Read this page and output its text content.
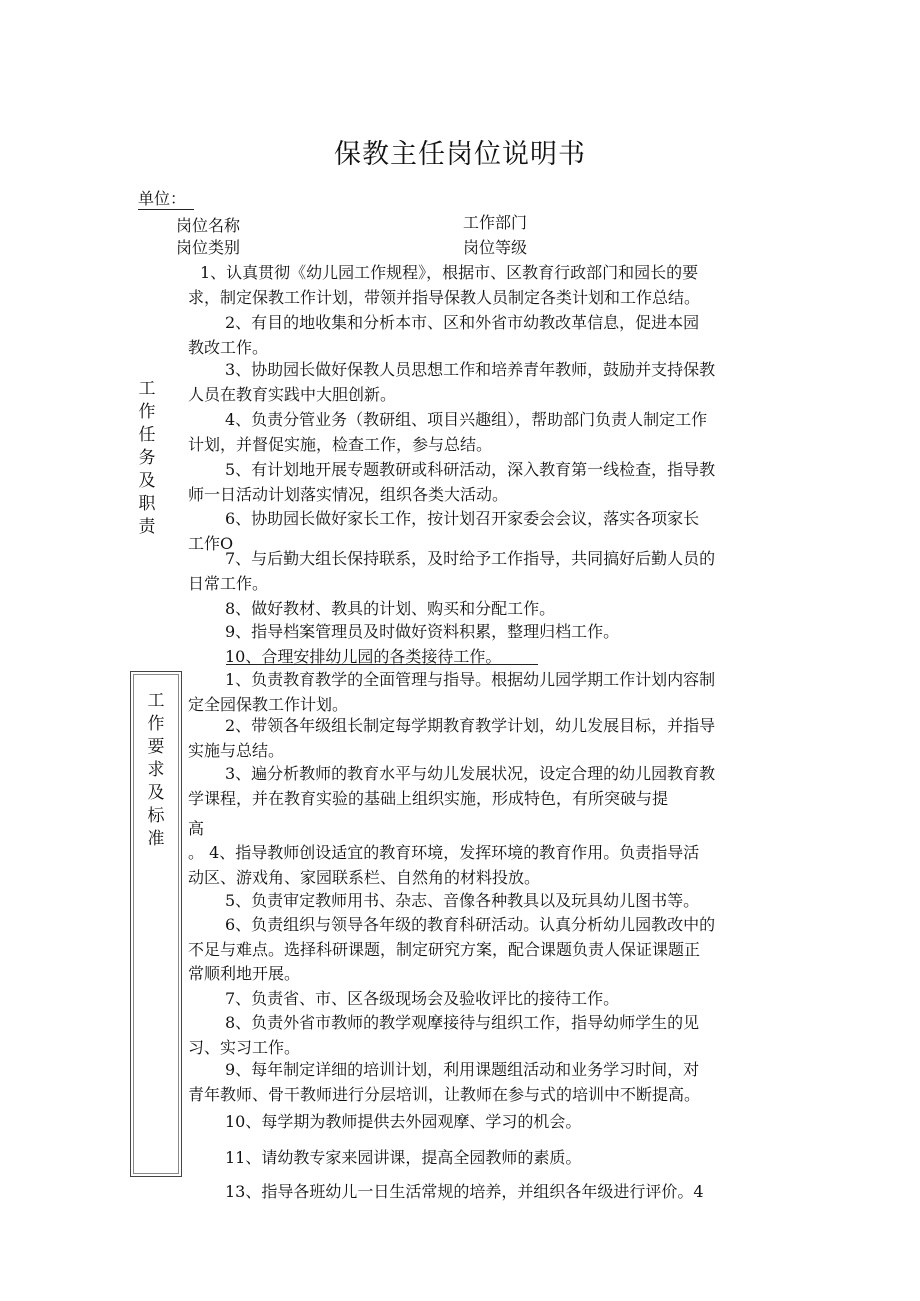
保教主任岗位说明书
单位：
岗位名称	工作部门
岗位类别	岗位等级
工
作
任
务
及
职
责
1、认真贯彻《幼儿园工作规程》，根据市、区教育行政部门和园长的要
求，制定保教工作计划，带领并指导保教人员制定各类计划和工作总结。
2、有目的地收集和分析本市、区和外省市幼教改革信息，促进本园
教改工作。
3、协助园长做好保教人员思想工作和培养青年教师，鼓励并支持保教
人员在教育实践中大胆创新。
4、负责分管业务（教研组、项目兴趣组），帮助部门负责人制定工作
计划，并督促实施，检查工作，参与总结。
5、有计划地开展专题教研或科研活动，深入教育第一线检查，指导教
师一日活动计划落实情况，组织各类大活动。
6、协助园长做好家长工作，按计划召开家委会会议，落实各项家长
工作O
7、与后勤大组长保持联系，及时给予工作指导，共同搞好后勤人员的
日常工作。
8、做好教材、教具的计划、购买和分配工作。
9、指导档案管理员及时做好资料积累，整理归档工作。
10、合理安排幼儿园的各类接待工作。
工
作
要
求
及
标
准
1、负责教育教学的全面管理与指导。根据幼儿园学期工作计划内容制
定全园保教工作计划。
2、带领各年级组长制定每学期教育教学计划，幼儿发展目标，并指导
实施与总结。
3、遍分析教师的教育水平与幼儿发展状况，设定合理的幼儿园教育教
学课程，并在教育实验的基础上组织实施，形成特色，有所突破与提
高
。 4、指导教师创设适宜的教育环境，发挥环境的教育作用。负责指导活
动区、游戏角、家园联系栏、自然角的材料投放。
5、负责审定教师用书、杂志、音像各种教具以及玩具幼儿图书等。
6、负责组织与领导各年级的教育科研活动。认真分析幼儿园教改中的
不足与难点。选择科研课题，制定研究方案，配合课题负责人保证课题正
常顺利地开展。
7、负责省、市、区各级现场会及验收评比的接待工作。
8、负责外省市教师的教学观摩接待与组织工作，指导幼师学生的见
习、实习工作。
9、每年制定详细的培训计划，利用课题组活动和业务学习时间，对
青年教师、骨干教师进行分层培训，让教师在参与式的培训中不断提高。
10、每学期为教师提供去外园观摩、学习的机会。
11、请幼教专家来园讲课，提高全园教师的素质。
13、指导各班幼儿一日生活常规的培养，并组织各年级进行评价。4
